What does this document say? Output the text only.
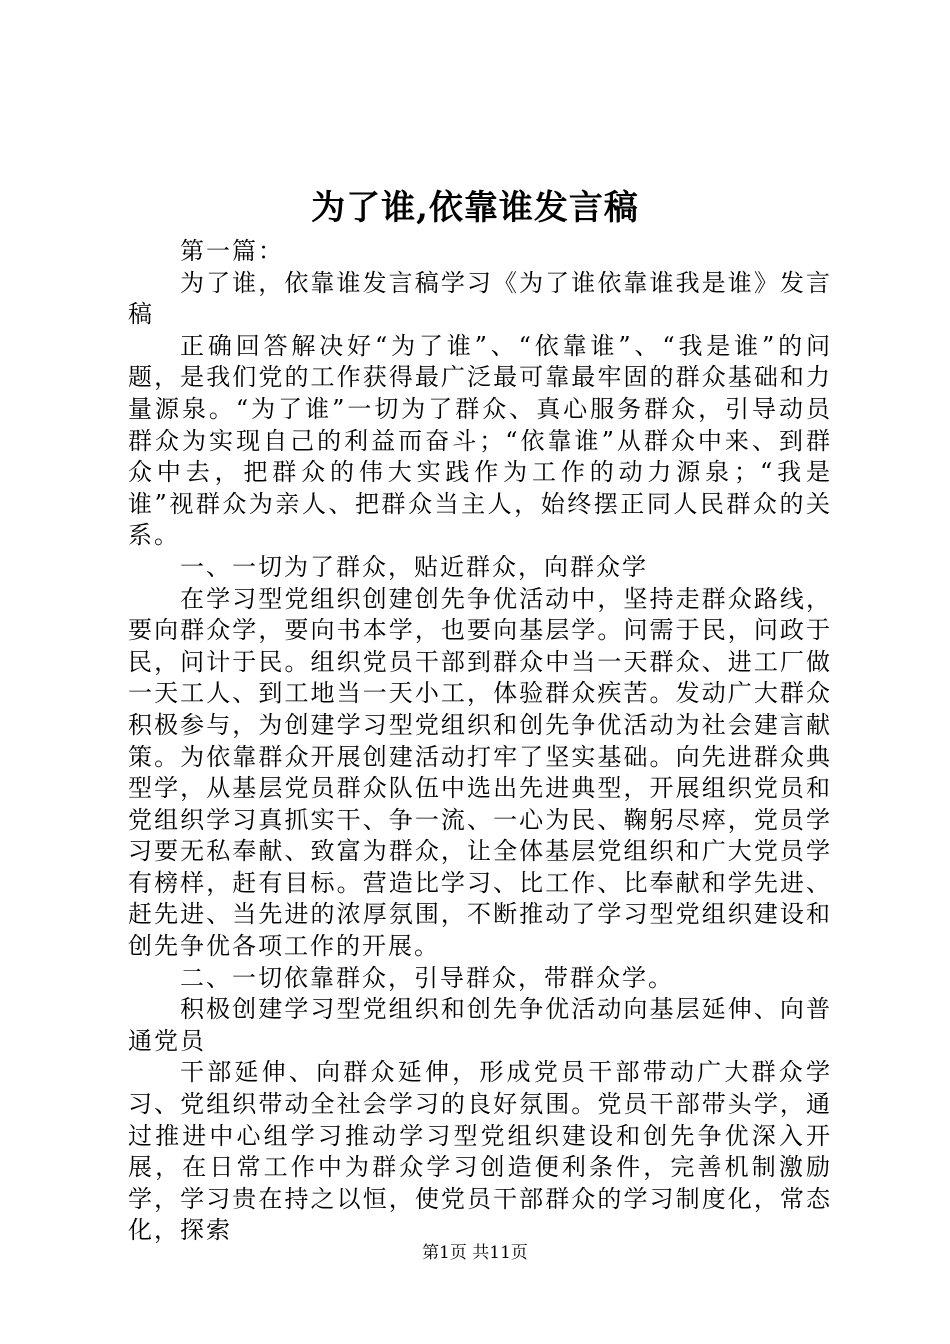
为了谁,依靠谁发言稿

第一篇：

为了谁，依靠谁发言稿学习《为了谁依靠谁我是谁》发言稿

正确回答解决好“为了谁”、“依靠谁”、“我是谁”的问题，是我们党的工作获得最广泛最可靠最牢固的群众基础和力量源泉。“为了谁”一切为了群众、真心服务群众，引导动员群众为实现自己的利益而奋斗；“依靠谁”从群众中来、到群众中去，把群众的伟大实践作为工作的动力源泉；“我是谁”视群众为亲人、把群众当主人，始终摆正同人民群众的关系。

一、一切为了群众，贴近群众，向群众学

在学习型党组织创建创先争优活动中，坚持走群众路线，要向群众学，要向书本学，也要向基层学。问需于民，问政于民，问计于民。组织党员干部到群众中当一天群众、进工厂做一天工人、到工地当一天小工，体验群众疾苦。发动广大群众积极参与，为创建学习型党组织和创先争优活动为社会建言献策。为依靠群众开展创建活动打牢了坚实基础。向先进群众典型学，从基层党员群众队伍中选出先进典型，开展组织党员和党组织学习真抓实干、争一流、一心为民、鞠躬尽瘁，党员学习要无私奉献、致富为群众，让全体基层党组织和广大党员学有榜样，赶有目标。营造比学习、比工作、比奉献和学先进、赶先进、当先进的浓厚氛围，不断推动了学习型党组织建设和创先争优各项工作的开展。

二、一切依靠群众，引导群众，带群众学。

积极创建学习型党组织和创先争优活动向基层延伸、向普通党员

干部延伸、向群众延伸，形成党员干部带动广大群众学习、党组织带动全社会学习的良好氛围。党员干部带头学，通过推进中心组学习推动学习型党组织建设和创先争优深入开展，在日常工作中为群众学习创造便利条件，完善机制激励学，学习贵在持之以恒，使党员干部群众的学习制度化，常态化，探索

第1页 共11页
